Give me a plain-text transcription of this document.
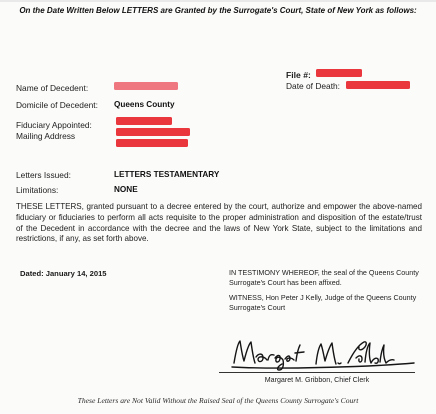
On the Date Written Below LETTERS are Granted by the Surrogate's Court, State of New York as follows:
File #:
Date of Death:
Name of Decedent:
Domicile of Decedent: Queens County
Fiduciary Appointed:
Mailing Address
Letters Issued:	LETTERS TESTAMENTARY
Limitations:	NONE
THESE LETTERS, granted pursuant to a decree entered by the court, authorize and empower the above-named fiduciary or fiduciaries to perform all acts requisite to the proper administration and disposition of the estate/trust of the Decedent in accordance with the decree and the laws of New York State, subject to the limitations and restrictions, if any, as set forth above.
Dated: January 14, 2015	IN TESTIMONY WHEREOF, the seal of the Queens County Surrogate's Court has been affixed.
WITNESS, Hon Peter J Kelly, Judge of the Queens County Surrogate's Court
Margaret M. Gribbon, Chief Clerk
These Letters are Not Valid Without the Raised Seal of the Queens County Surrogate's Court
